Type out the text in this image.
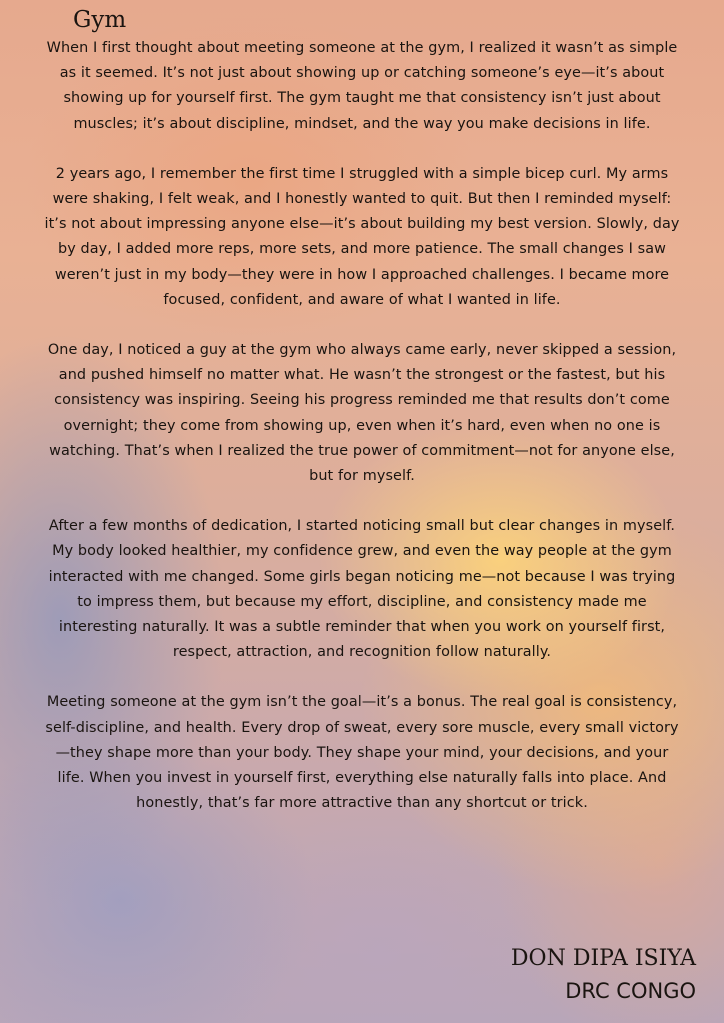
Gym

When I first thought about meeting someone at the gym, I realized it wasn’t as simple as it seemed. It’s not just about showing up or catching someone’s eye—it’s about showing up for yourself first. The gym taught me that consistency isn’t just about muscles; it’s about discipline, mindset, and the way you make decisions in life.

2 years ago, I remember the first time I struggled with a simple bicep curl. My arms were shaking, I felt weak, and I honestly wanted to quit. But then I reminded myself: it’s not about impressing anyone else—it’s about building my best version. Slowly, day by day, I added more reps, more sets, and more patience. The small changes I saw weren’t just in my body—they were in how I approached challenges. I became more focused, confident, and aware of what I wanted in life.

One day, I noticed a guy at the gym who always came early, never skipped a session, and pushed himself no matter what. He wasn’t the strongest or the fastest, but his consistency was inspiring. Seeing his progress reminded me that results don’t come overnight; they come from showing up, even when it’s hard, even when no one is watching. That’s when I realized the true power of commitment—not for anyone else, but for myself.

After a few months of dedication, I started noticing small but clear changes in myself. My body looked healthier, my confidence grew, and even the way people at the gym interacted with me changed. Some girls began noticing me—not because I was trying to impress them, but because my effort, discipline, and consistency made me interesting naturally. It was a subtle reminder that when you work on yourself first, respect, attraction, and recognition follow naturally.

Meeting someone at the gym isn’t the goal—it’s a bonus. The real goal is consistency, self-discipline, and health. Every drop of sweat, every sore muscle, every small victory—they shape more than your body. They shape your mind, your decisions, and your life. When you invest in yourself first, everything else naturally falls into place. And honestly, that’s far more attractive than any shortcut or trick.

DON DIPA ISIYA
DRC CONGO
